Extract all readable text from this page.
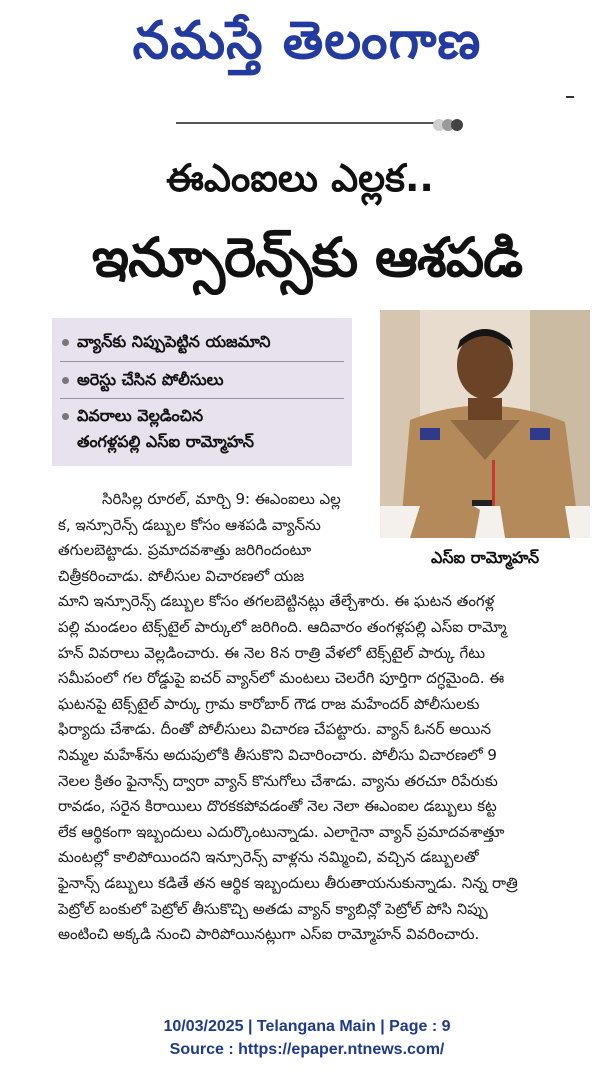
నమస్తే తెలంగాణ
ఈఎంఐలు ఎల్లక..
ఇన్సూరెన్స్‌కు ఆశపడి
వ్యాన్‌కు నిప్పుపెట్టిన యజమాని
అరెస్టు చేసిన పోలీసులు
వివరాలు వెల్లడించిన
తంగళ్లపల్లి ఎస్ఐ రామ్మోహన్
ఎస్ఐ రామ్మోహన్
సిరిసిల్ల రూరల్, మార్చి 9: ఈఎంఐలు ఎల్ల
క, ఇన్సూరెన్స్ డబ్బుల కోసం ఆశపడి వ్యాన్‌ను
తగులబెట్టాడు. ప్రమాదవశాత్తు జరిగిందంటూ
చిత్రీకరించాడు. పోలీసుల విచారణలో యజ
మాని ఇన్సూరెన్స్ డబ్బుల కోసం తగలబెట్టినట్లు తేల్చేశారు. ఈ ఘటన తంగళ్ల
పల్లి మండలం టెక్స్‌టైల్ పార్కులో జరిగింది. ఆదివారం తంగళ్లపల్లి ఎస్ఐ రామ్మో
హన్ వివరాలు వెల్లడించారు. ఈ నెల 8న రాత్రి వేళలో టెక్స్‌టైల్ పార్కు గేటు
సమీపంలో గల రోడ్డుపై ఐచర్ వ్యాన్‌లో మంటలు చెలరేగి పూర్తిగా దగ్ధమైంది. ఈ
ఘటనపై టెక్స్‌టైల్ పార్కు గ్రామ కారోబార్ గౌడ రాజ మహేందర్ పోలీసులకు
ఫిర్యాదు చేశాడు. దీంతో పోలీసులు విచారణ చేపట్టారు. వ్యాన్ ఓనర్ అయిన
నిమ్మల మహేశ్‌ను అదుపులోకి తీసుకొని విచారించారు. పోలీసు విచారణలో 9
నెలల క్రితం ఫైనాన్స్ ద్వారా వ్యాన్ కొనుగోలు చేశాడు. వ్యాను తరచూ రిపేరుకు
రావడం, సరైన కిరాయిలు దొరకకపోవడంతో నెల నెలా ఈఎంఐల డబ్బులు కట్ట
లేక ఆర్థికంగా ఇబ్బందులు ఎదుర్కొంటున్నాడు. ఎలాగైనా వ్యాన్ ప్రమాదవశాత్తూ
మంటల్లో కాలిపోయిందని ఇన్సూరెన్స్ వాళ్లను నమ్మించి, వచ్చిన డబ్బులతో
ఫైనాన్స్ డబ్బులు కడితే తన ఆర్థిక ఇబ్బందులు తీరుతాయనుకున్నాడు. నిన్న రాత్రి
పెట్రోల్ బంకులో పెట్రోల్ తీసుకొచ్చి అతడు వ్యాన్ క్యాబిన్లో పెట్రోల్ పోసి నిప్పు
అంటించి అక్కడి నుంచి పారిపోయినట్లుగా ఎస్ఐ రామ్మోహన్ వివరించారు.
10/03/2025 | Telangana Main | Page : 9
Source : https://epaper.ntnews.com/
